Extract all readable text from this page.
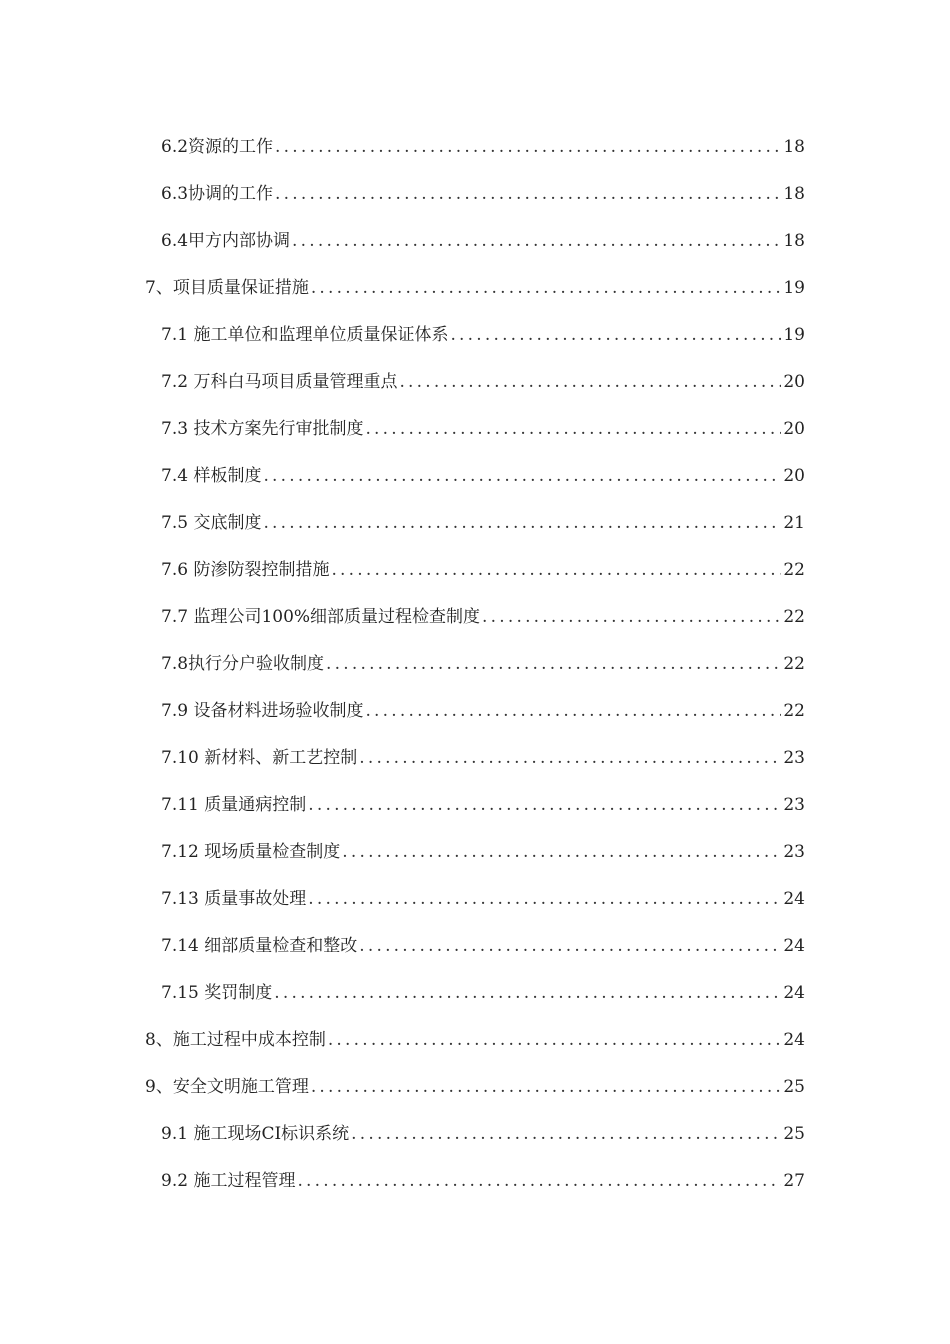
6.2资源的工作 .....	18
6.3协调的工作 .....	18
6.4甲方内部协调 .....	18
7、项目质量保证措施 .....	19
7.1 施工单位和监理单位质量保证体系 .....	19
7.2 万科白马项目质量管理重点 .....	20
7.3 技术方案先行审批制度 .....	20
7.4 样板制度 .....	20
7.5 交底制度 .....	21
7.6 防渗防裂控制措施 .....	22
7.7 监理公司100%细部质量过程检查制度 .....	22
7.8执行分户验收制度 .....	22
7.9 设备材料进场验收制度 .....	22
7.10 新材料、新工艺控制 .....	23
7.11 质量通病控制 .....	23
7.12 现场质量检查制度 .....	23
7.13 质量事故处理 .....	24
7.14 细部质量检查和整改 .....	24
7.15 奖罚制度 .....	24
8、施工过程中成本控制 .....	24
9、安全文明施工管理 .....	25
9.1 施工现场CI标识系统 .....	25
9.2 施工过程管理 .....	27
